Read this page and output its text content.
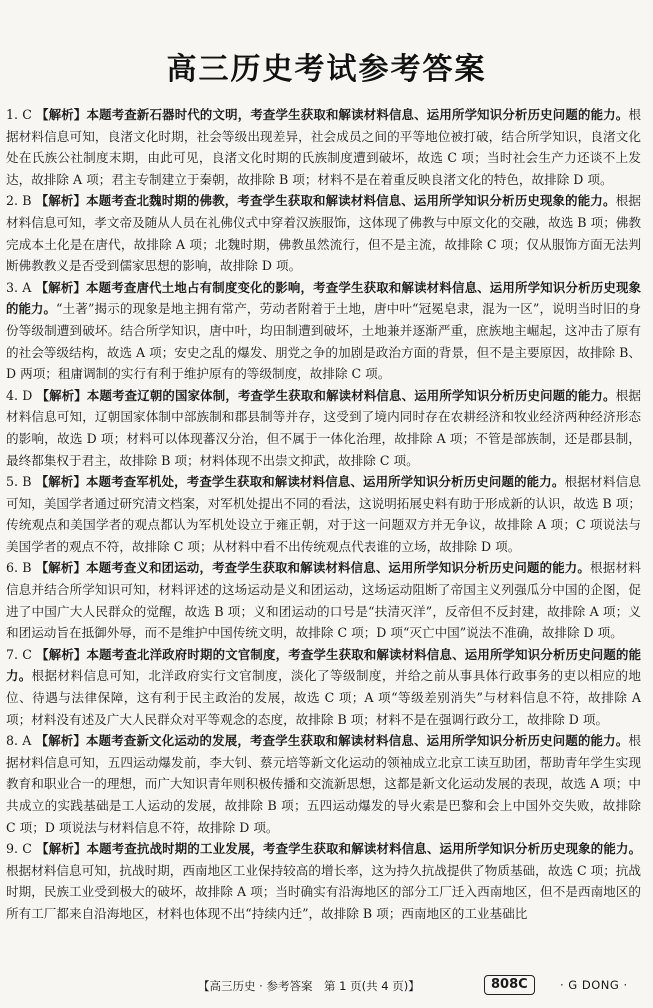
高三历史考试参考答案

1. C 【解析】本题考查新石器时代的文明，考查学生获取和解读材料信息、运用所学知识分析历史问题的能力。根据材料信息可知，良渚文化时期，社会等级出现差异，社会成员之间的平等地位被打破，结合所学知识，良渚文化处在氏族公社制度末期，由此可见，良渚文化时期的氏族制度遭到破坏，故选 C 项；当时社会生产力还谈不上发达，故排除 A 项；君主专制建立于秦朝，故排除 B 项；材料不是在着重反映良渚文化的特色，故排除 D 项。

2. B 【解析】本题考查北魏时期的佛教，考查学生获取和解读材料信息、运用所学知识分析历史现象的能力。根据材料信息可知，孝文帝及随从人员在礼佛仪式中穿着汉族服饰，这体现了佛教与中原文化的交融，故选 B 项；佛教完成本土化是在唐代，故排除 A 项；北魏时期，佛教虽然流行，但不是主流，故排除 C 项；仅从服饰方面无法判断佛教教义是否受到儒家思想的影响，故排除 D 项。

3. A 【解析】本题考查唐代土地占有制度变化的影响，考查学生获取和解读材料信息、运用所学知识分析历史现象的能力。“土著”揭示的现象是地主拥有常产，劳动者附着于土地，唐中叶“冠冕皂隶，混为一区”，说明当时旧的身份等级制遭到破坏。结合所学知识，唐中叶，均田制遭到破坏，土地兼并逐渐严重，庶族地主崛起，这冲击了原有的社会等级结构，故选 A 项；安史之乱的爆发、朋党之争的加剧是政治方面的背景，但不是主要原因，故排除 B、D 两项；租庸调制的实行有利于维护原有的等级制度，故排除 C 项。

4. D 【解析】本题考查辽朝的国家体制，考查学生获取和解读材料信息、运用所学知识分析历史问题的能力。根据材料信息可知，辽朝国家体制中部族制和郡县制等并存，这受到了境内同时存在农耕经济和牧业经济两种经济形态的影响，故选 D 项；材料可以体现蕃汉分治，但不属于一体化治理，故排除 A 项；不管是部族制，还是郡县制，最终都集权于君主，故排除 B 项；材料体现不出崇文抑武，故排除 C 项。

5. B 【解析】本题考查军机处，考查学生获取和解读材料信息、运用所学知识分析历史问题的能力。根据材料信息可知，美国学者通过研究清文档案，对军机处提出不同的看法，这说明拓展史料有助于形成新的认识，故选 B 项；传统观点和美国学者的观点都认为军机处设立于雍正朝，对于这一问题双方并无争议，故排除 A 项；C 项说法与美国学者的观点不符，故排除 C 项；从材料中看不出传统观点代表谁的立场，故排除 D 项。

6. B 【解析】本题考查义和团运动，考查学生获取和解读材料信息、运用所学知识分析历史问题的能力。根据材料信息并结合所学知识可知，材料评述的这场运动是义和团运动，这场运动阻断了帝国主义列强瓜分中国的企图，促进了中国广大人民群众的觉醒，故选 B 项；义和团运动的口号是“扶清灭洋”，反帝但不反封建，故排除 A 项；义和团运动旨在抵御外辱，而不是维护中国传统文明，故排除 C 项；D 项“灭亡中国”说法不准确，故排除 D 项。

7. C 【解析】本题考查北洋政府时期的文官制度，考查学生获取和解读材料信息、运用所学知识分析历史问题的能力。根据材料信息可知，北洋政府实行文官制度，淡化了等级制度，并给之前从事具体行政事务的吏以相应的地位、待遇与法律保障，这有利于民主政治的发展，故选 C 项；A 项“等级差别消失”与材料信息不符，故排除 A 项；材料没有述及广大人民群众对平等观念的态度，故排除 B 项；材料不是在强调行政分工，故排除 D 项。

8. A 【解析】本题考查新文化运动的发展，考查学生获取和解读材料信息、运用所学知识分析历史问题的能力。根据材料信息可知，五四运动爆发前，李大钊、蔡元培等新文化运动的领袖成立北京工读互助团，帮助青年学生实现教育和职业合一的理想，而广大知识青年则积极传播和交流新思想，这都是新文化运动发展的表现，故选 A 项；中共成立的实践基础是工人运动的发展，故排除 B 项；五四运动爆发的导火索是巴黎和会上中国外交失败，故排除 C 项；D 项说法与材料信息不符，故排除 D 项。

9. C 【解析】本题考查抗战时期的工业发展，考查学生获取和解读材料信息、运用所学知识分析历史现象的能力。根据材料信息可知，抗战时期，西南地区工业保持较高的增长率，这为持久抗战提供了物质基础，故选 C 项；抗战时期，民族工业受到极大的破坏，故排除 A 项；当时确实有沿海地区的部分工厂迁入西南地区，但不是西南地区的所有工厂都来自沿海地区，材料也体现不出“持续内迁”，故排除 B 项；西南地区的工业基础比

【高三历史 · 参考答案　第 1 页(共 4 页)】	808C	· G DONG ·
